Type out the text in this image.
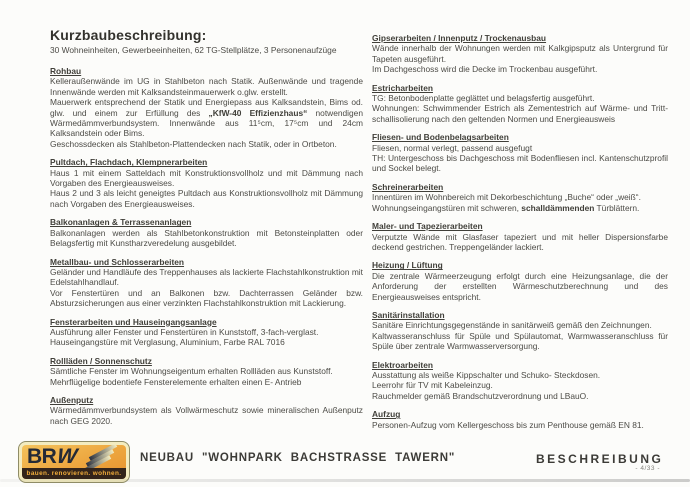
Kurzbaubeschreibung:
30 Wohneinheiten, Gewerbeeinheiten, 62 TG-Stellplätze, 3 Personenaufzüge
Rohbau
Kelleraußenwände im UG in Stahlbeton nach Statik. Außenwände und tragende Innenwände werden mit Kalksandsteinmauerwerk o.glw. erstellt.
Mauerwerk entsprechend der Statik und Energiepass aus Kalksandstein, Bims od. glw. und einem zur Erfüllung des „KfW-40 Effizienzhaus“ notwendigen Wärmedämmverbundsystem. Innenwände aus 11⁵cm, 17⁵cm und 24cm Kalksandstein oder Bims.
Geschossdecken als Stahlbeton-Plattendecken nach Statik, oder in Ortbeton.
Pultdach, Flachdach, Klempnerarbeiten
Haus 1 mit einem Satteldach mit Konstruktionsvollholz und mit Dämmung nach Vorgaben des Energieausweises.
Haus 2 und 3 als leicht geneigtes Pultdach aus Konstruktionsvollholz mit Dämmung nach Vorgaben des Energieausweises.
Balkonanlagen & Terrassenanlagen
Balkonanlagen werden als Stahlbetonkonstruktion mit Betonsteinplatten oder Belagsfertig mit Kunstharzveredelung ausgebildet.
Metallbau- und Schlosserarbeiten
Geländer und Handläufe des Treppenhauses als lackierte Flachstahlkonstruktion mit Edelstahlhandlauf.
Vor Fenstertüren und an Balkonen bzw. Dachterrassen Geländer bzw. Absturzsicherungen aus einer verzinkten Flachstahlkonstruktion mit Lackierung.
Fensterarbeiten und Hauseingangsanlage
Ausführung aller Fenster und Fenstertüren in Kunststoff, 3-fach-verglast.
Hauseingangstüre mit Verglasung, Aluminium, Farbe RAL 7016
Rollläden / Sonnenschutz
Sämtliche Fenster im Wohnungseigentum erhalten Rollläden aus Kunststoff.
Mehrflügelige bodentiefe Fensterelemente erhalten einen E- Antrieb
Außenputz
Wärmedämmverbundsystem als Vollwärmeschutz sowie mineralischen Außenputz nach GEG 2020.
Gipserarbeiten / Innenputz / Trockenausbau
Wände innerhalb der Wohnungen werden mit Kalkgipsputz als Untergrund für Tapeten ausgeführt.
Im Dachgeschoss wird die Decke im Trockenbau ausgeführt.
Estricharbeiten
TG: Betonbodenplatte geglättet und belagsfertig ausgeführt.
Wohnungen: Schwimmender Estrich als Zementestrich auf Wärme- und Tritt-schallisolierung nach den geltenden Normen und Energieausweis
Fliesen- und Bodenbelagsarbeiten
Fliesen, normal verlegt, passend ausgefugt
TH: Untergeschoss bis Dachgeschoss mit Bodenfliesen incl. Kantenschutzprofil und Sockel belegt.
Schreinerarbeiten
Innentüren im Wohnbereich mit Dekorbeschichtung „Buche“ oder „weiß“.
Wohnungseingangstüren mit schweren, schalldämmenden Türblättern.
Maler- und Tapezierarbeiten
Verputzte Wände mit Glasfaser tapeziert und mit heller Dispersionsfarbe deckend gestrichen. Treppengeländer lackiert.
Heizung / Lüftung
Die zentrale Wärmeerzeugung erfolgt durch eine Heizungsanlage, die der Anforderung der erstellten Wärmeschutzberechnung und des Energieausweises entspricht.
Sanitärinstallation
Sanitäre Einrichtungsgegenstände in sanitärweiß gemäß den Zeichnungen.
Kaltwasseranschluss für Spüle und Spülautomat, Warmwasseranschluss für Spüle über zentrale Warmwasserversorgung.
Elektroarbeiten
Ausstattung als weiße Kippschalter und Schuko- Steckdosen.
Leerrohr für TV mit Kabeleinzug.
Rauchmelder gemäß Brandschutzverordnung und LBauO.
Aufzug
Personen-Aufzug vom Kellergeschoss bis zum Penthouse gemäß EN 81.
BRW
bauen. renovieren. wohnen.
NEUBAU "WOHNPARK BACHSTRASSE TAWERN"	BESCHREIBUNG
- 4/33 -
